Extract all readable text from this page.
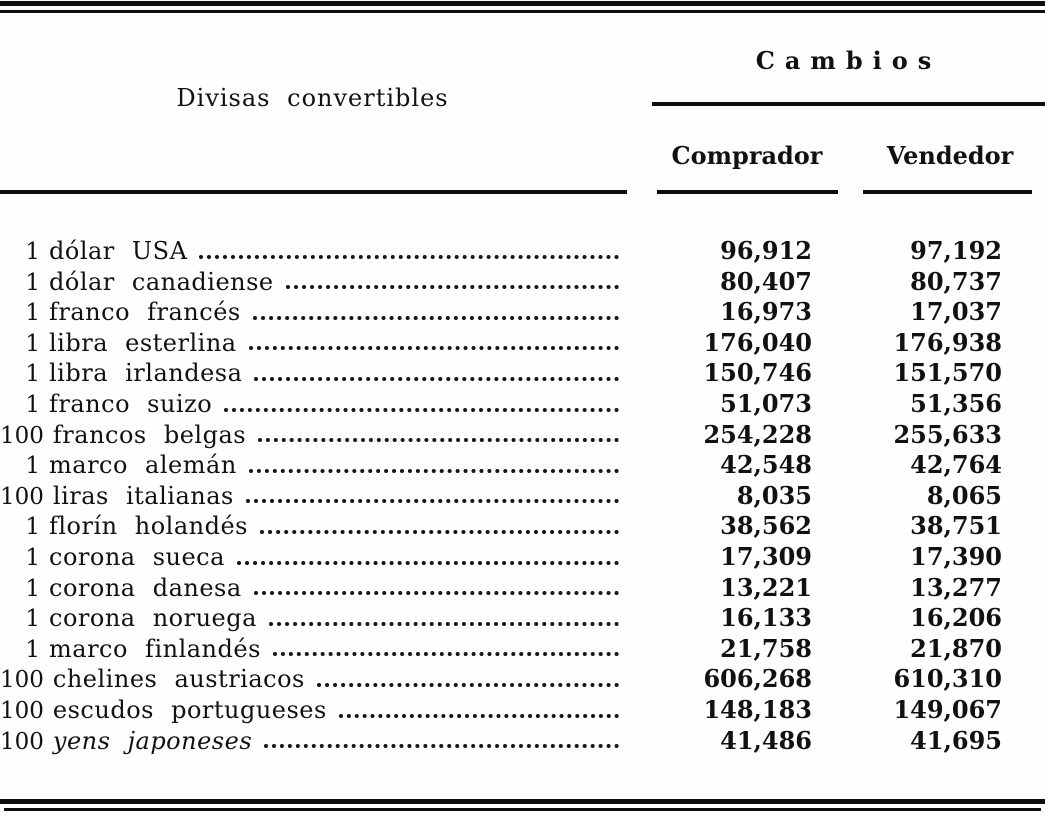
Divisas convertibles
Cambios
Comprador	Vendedor
1 dólar USA	96,912	97,192
1 dólar canadiense	80,407	80,737
1 franco francés	16,973	17,037
1 libra esterlina	176,040	176,938
1 libra irlandesa	150,746	151,570
1 franco suizo	51,073	51,356
100 francos belgas	254,228	255,633
1 marco alemán	42,548	42,764
100 liras italianas	8,035	8,065
1 florín holandés	38,562	38,751
1 corona sueca	17,309	17,390
1 corona danesa	13,221	13,277
1 corona noruega	16,133	16,206
1 marco finlandés	21,758	21,870
100 chelines austriacos	606,268	610,310
100 escudos portugueses	148,183	149,067
100 yens japoneses	41,486	41,695
